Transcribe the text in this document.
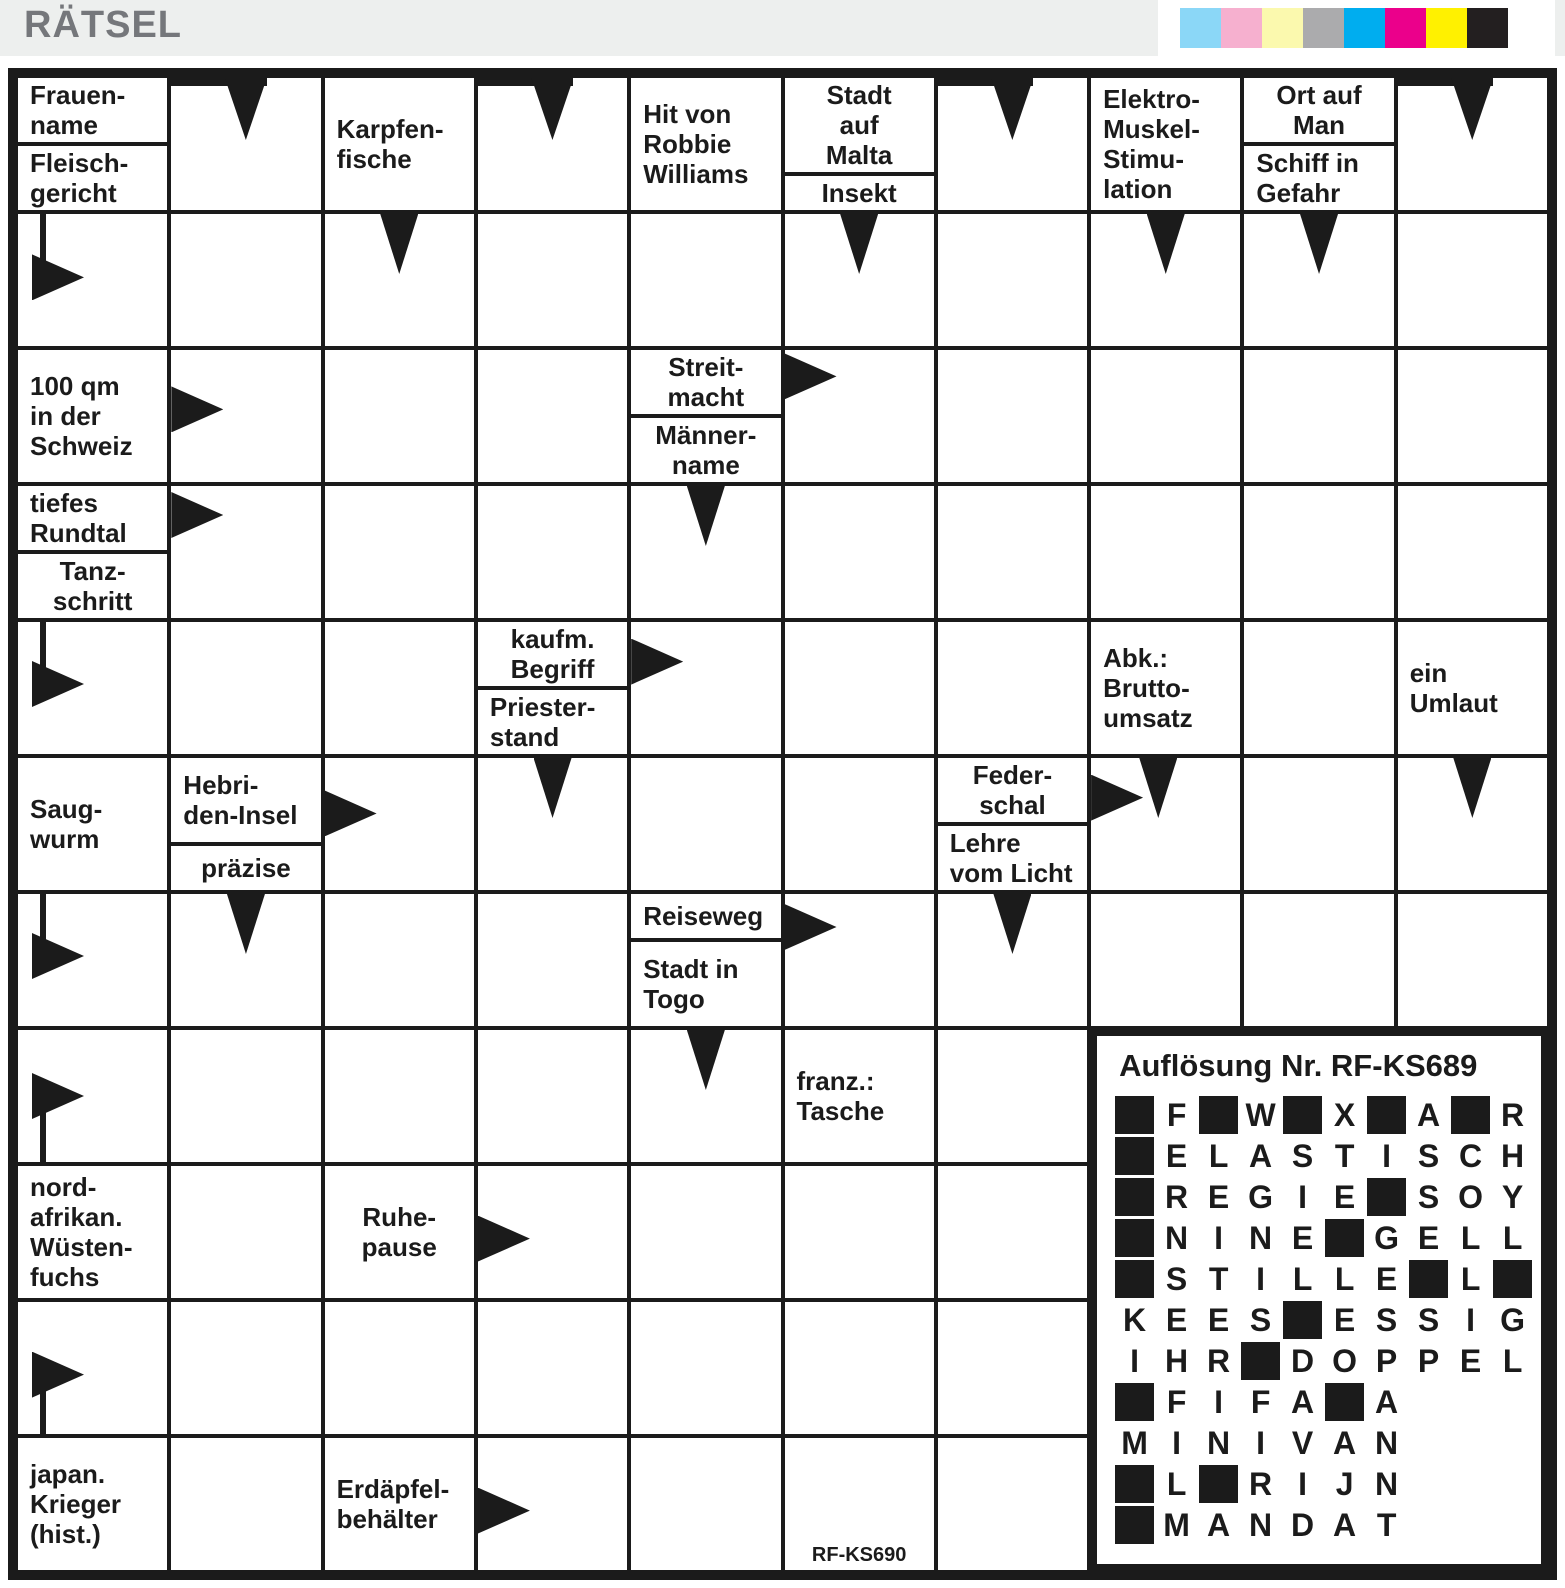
RÄTSEL
Auflösung Nr. RF-KS689
F	W X A R
E L A S T I S C H
R E G I E S O Y
N I N E G E L L
S T I L L E	L
K E E S E S S I G
I H R D O P P E L
F I F A A
M I N I V A N
L	R I J N
M A N D A T
Frauen-
name
Fleisch-
gericht
Karpfen-
fische
Hit von
Robbie
Williams
Stadt
auf
Malta
Insekt
Elektro-
Muskel-
Stimu-
lation
Ort auf
Man
Schiff in
Gefahr
100 qm
in der
Schweiz
Streit-
macht
Männer-
name
tiefes
Rundtal
Tanz-
schritt
kaufm.
Begriff
Priester-
stand
Abk.:
Brutto-
umsatz
ein
Umlaut
Saug-
wurm
Hebri-
den-Insel
präzise
Feder-
schal
Lehre
vom Licht
Reiseweg
Stadt in
Togo
franz.:
Tasche
nord-
afrikan.
Wüsten-
fuchs
Ruhe-
pause
japan.
Krieger
(hist.)
Erdäpfel-
behälter
RF-KS690
